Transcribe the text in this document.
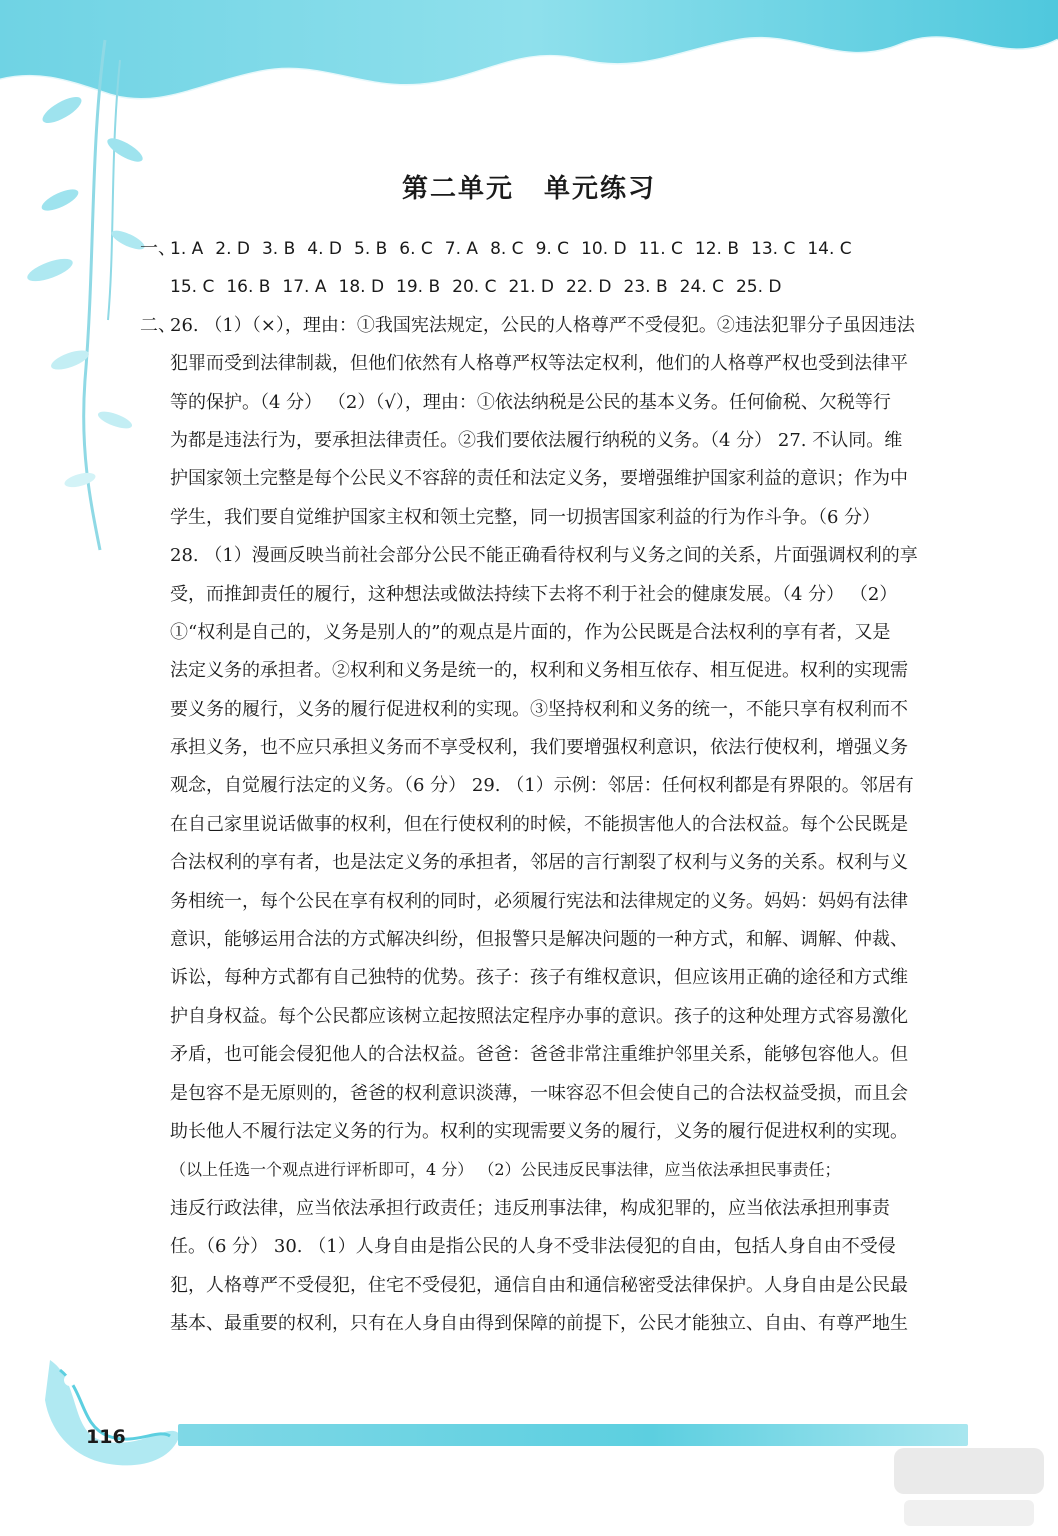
第二单元 单元练习
一、1. A 2. D 3. B 4. D 5. B 6. C 7. A 8. C 9. C 10. D 11. C 12. B 13. C 14. C
15. C 16. B 17. A 18. D 19. B 20. C 21. D 22. D 23. B 24. C 25. D
二、26. （1）（×），理由：①我国宪法规定，公民的人格尊严不受侵犯。②违法犯罪分子虽因违法
犯罪而受到法律制裁，但他们依然有人格尊严权等法定权利，他们的人格尊严权也受到法律平
等的保护。（4 分） （2）（√），理由：①依法纳税是公民的基本义务。任何偷税、欠税等行
为都是违法行为，要承担法律责任。②我们要依法履行纳税的义务。（4 分） 27. 不认同。维
护国家领土完整是每个公民义不容辞的责任和法定义务，要增强维护国家利益的意识；作为中
学生，我们要自觉维护国家主权和领土完整，同一切损害国家利益的行为作斗争。（6 分）
28. （1）漫画反映当前社会部分公民不能正确看待权利与义务之间的关系，片面强调权利的享
受，而推卸责任的履行，这种想法或做法持续下去将不利于社会的健康发展。（4 分） （2）
①“权利是自己的，义务是别人的”的观点是片面的，作为公民既是合法权利的享有者，又是
法定义务的承担者。②权利和义务是统一的，权利和义务相互依存、相互促进。权利的实现需
要义务的履行，义务的履行促进权利的实现。③坚持权利和义务的统一，不能只享有权利而不
承担义务，也不应只承担义务而不享受权利，我们要增强权利意识，依法行使权利，增强义务
观念，自觉履行法定的义务。（6 分） 29. （1）示例：邻居：任何权利都是有界限的。邻居有
在自己家里说话做事的权利，但在行使权利的时候，不能损害他人的合法权益。每个公民既是
合法权利的享有者，也是法定义务的承担者，邻居的言行割裂了权利与义务的关系。权利与义
务相统一，每个公民在享有权利的同时，必须履行宪法和法律规定的义务。妈妈：妈妈有法律
意识，能够运用合法的方式解决纠纷，但报警只是解决问题的一种方式，和解、调解、仲裁、
诉讼，每种方式都有自己独特的优势。孩子：孩子有维权意识，但应该用正确的途径和方式维
护自身权益。每个公民都应该树立起按照法定程序办事的意识。孩子的这种处理方式容易激化
矛盾，也可能会侵犯他人的合法权益。爸爸：爸爸非常注重维护邻里关系，能够包容他人。但
是包容不是无原则的，爸爸的权利意识淡薄，一味容忍不但会使自己的合法权益受损，而且会
助长他人不履行法定义务的行为。权利的实现需要义务的履行，义务的履行促进权利的实现。
（以上任选一个观点进行评析即可，4 分） （2）公民违反民事法律，应当依法承担民事责任；
违反行政法律，应当依法承担行政责任；违反刑事法律，构成犯罪的，应当依法承担刑事责
任。（6 分） 30. （1）人身自由是指公民的人身不受非法侵犯的自由，包括人身自由不受侵
犯，人格尊严不受侵犯，住宅不受侵犯，通信自由和通信秘密受法律保护。人身自由是公民最
基本、最重要的权利，只有在人身自由得到保障的前提下，公民才能独立、自由、有尊严地生
116
